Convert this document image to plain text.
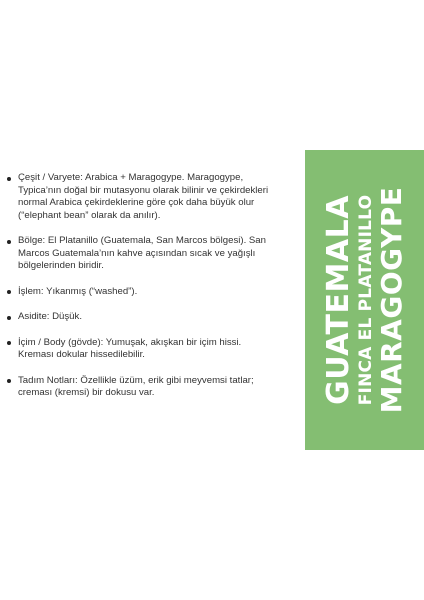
Çeşit / Varyete: Arabica + Maragogype. Maragogype,
Typica’nın doğal bir mutasyonu olarak bilinir ve çekirdekleri
normal Arabica çekirdeklerine göre çok daha büyük olur
(“elephant bean” olarak da anılır).
Bölge: El Platanillo (Guatemala, San Marcos bölgesi). San
Marcos Guatemala’nın kahve açısından sıcak ve yağışlı
bölgelerinden biridir.
İşlem: Yıkanmış (“washed”).
Asidite: Düşük.
İçim / Body (gövde): Yumuşak, akışkan bir içim hissi.
Kreması dokular hissedilebilir.
Tadım Notları: Özellikle üzüm, erik gibi meyvemsi tatlar;
creması (kremsi) bir dokusu var.	GUATEMALA FINCA EL PLATANILLO MARAGOGYPE
